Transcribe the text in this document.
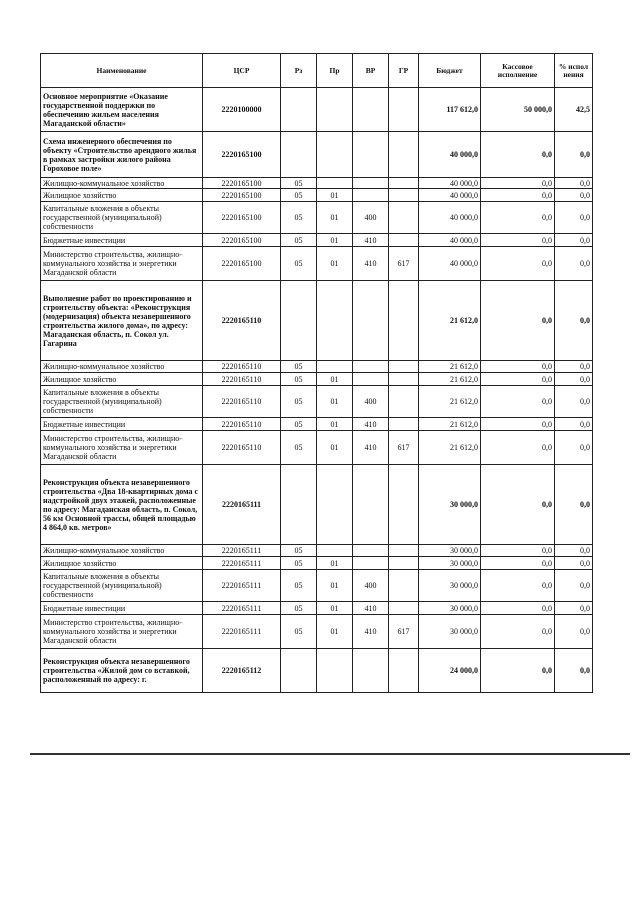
Наименование	ЦСР	Рз	Пр	ВР	ГР	Бюджет	Кассовое исполнение	% испол нения
Основное мероприятие «Оказание государственной поддержки по обеспечению жильем населения Магаданской области»	2220100000					117 612,0	50 000,0	42,5
Схема инженерного обеспечения по объекту «Строительство арендного жилья в рамках застройки жилого района Гороховое поле»	2220165100					40 000,0	0,0	0,0
Жилищно-коммунальное хозяйство	2220165100	05				40 000,0	0,0	0,0
Жилищное хозяйство	2220165100	05	01			40 000,0	0,0	0,0
Капитальные вложения в объекты государственной (муниципальной) собственности	2220165100	05	01	400		40 000,0	0,0	0,0
Бюджетные инвестиции	2220165100	05	01	410		40 000,0	0,0	0,0
Министерство строительства, жилищно-коммунального хозяйства и энергетики Магаданской области	2220165100	05	01	410	617	40 000,0	0,0	0,0
Выполнение работ по проектированию и строительству объекта: «Реконструкция (модернизация) объекта незавершенного строительства жилого дома», по адресу: Магаданская область, п. Сокол ул. Гагарина	2220165110					21 612,0	0,0	0,0
Жилищно-коммунальное хозяйство	2220165110	05				21 612,0	0,0	0,0
Жилищное хозяйство	2220165110	05	01			21 612,0	0,0	0,0
Капитальные вложения в объекты государственной (муниципальной) собственности	2220165110	05	01	400		21 612,0	0,0	0,0
Бюджетные инвестиции	2220165110	05	01	410		21 612,0	0,0	0,0
Министерство строительства, жилищно-коммунального хозяйства и энергетики Магаданской области	2220165110	05	01	410	617	21 612,0	0,0	0,0
Реконструкция объекта незавершенного строительства «Два 18-квартирных дома с надстройкой двух этажей, расположенные по адресу: Магаданская область, п. Сокол, 56 км Основной трассы, общей площадью 4 864,0 кв. метров»	2220165111					30 000,0	0,0	0,0
Жилищно-коммунальное хозяйство	2220165111	05				30 000,0	0,0	0,0
Жилищное хозяйство	2220165111	05	01			30 000,0	0,0	0,0
Капитальные вложения в объекты государственной (муниципальной) собственности	2220165111	05	01	400		30 000,0	0,0	0,0
Бюджетные инвестиции	2220165111	05	01	410		30 000,0	0,0	0,0
Министерство строительства, жилищно-коммунального хозяйства и энергетики Магаданской области	2220165111	05	01	410	617	30 000,0	0,0	0,0
Реконструкция объекта незавершенного строительства «Жилой дом со вставкой, расположенный по адресу: г.	2220165112					24 000,0	0,0	0,0
